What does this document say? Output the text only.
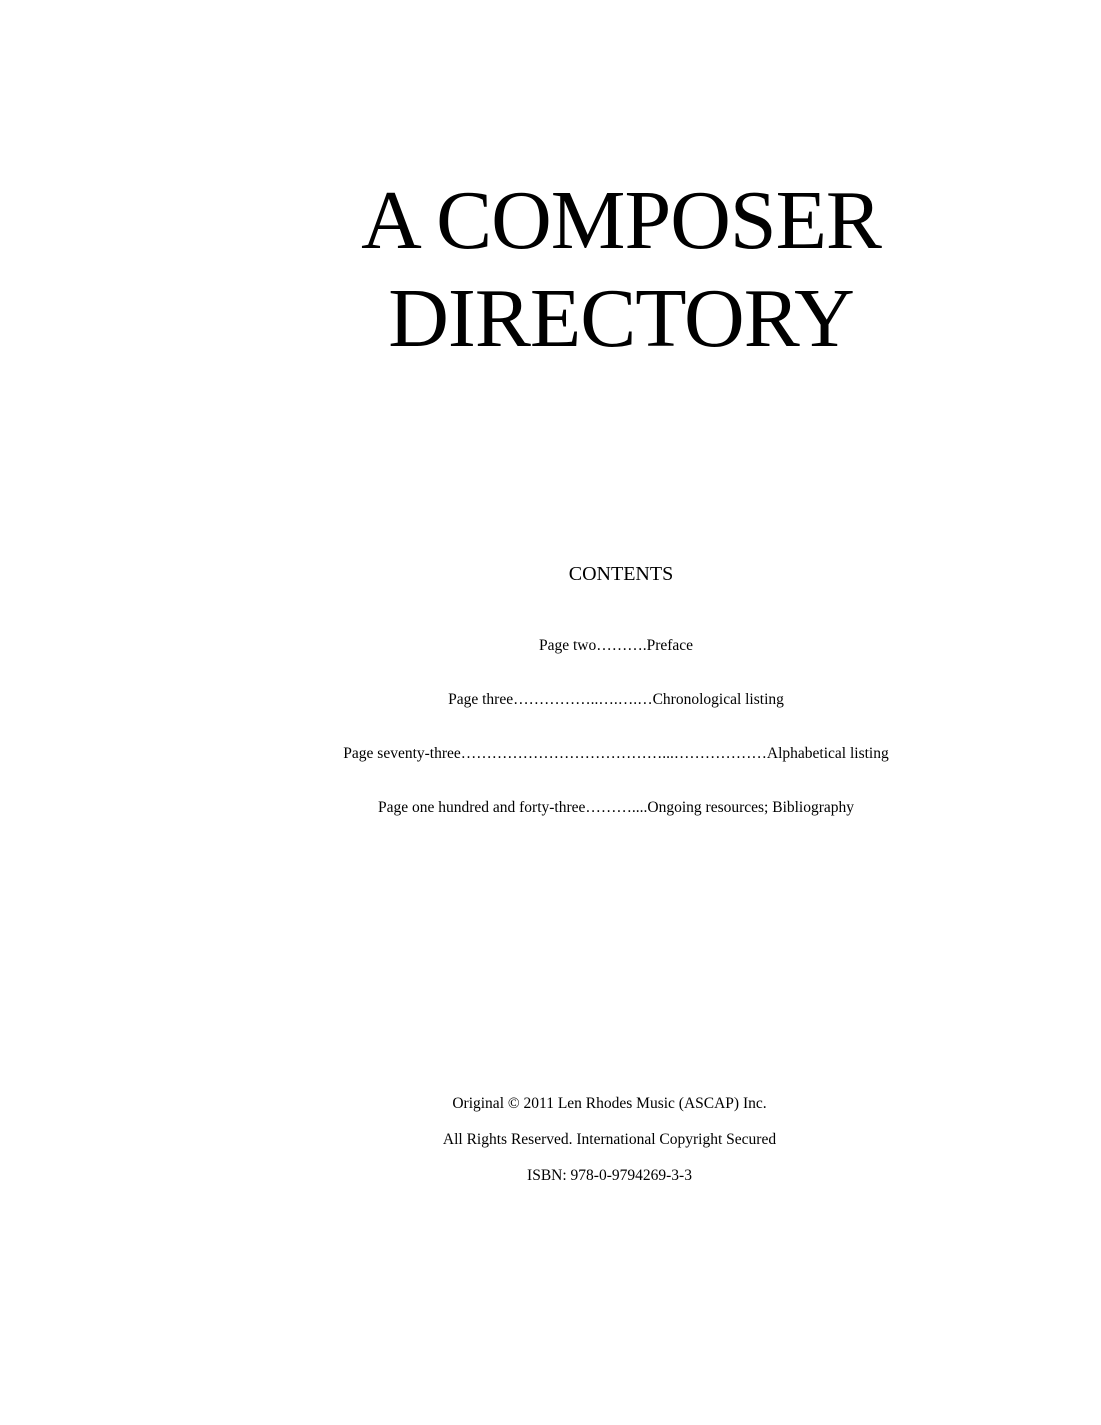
A COMPOSER
DIRECTORY
CONTENTS
Page two……….Preface
Page three……………..….….…Chronological listing
Page seventy-three…………………………………...………………Alphabetical listing
Page one hundred and forty-three………....Ongoing resources; Bibliography
Original © 2011 Len Rhodes Music (ASCAP) Inc.
All Rights Reserved. International Copyright Secured
ISBN: 978-0-9794269-3-3
